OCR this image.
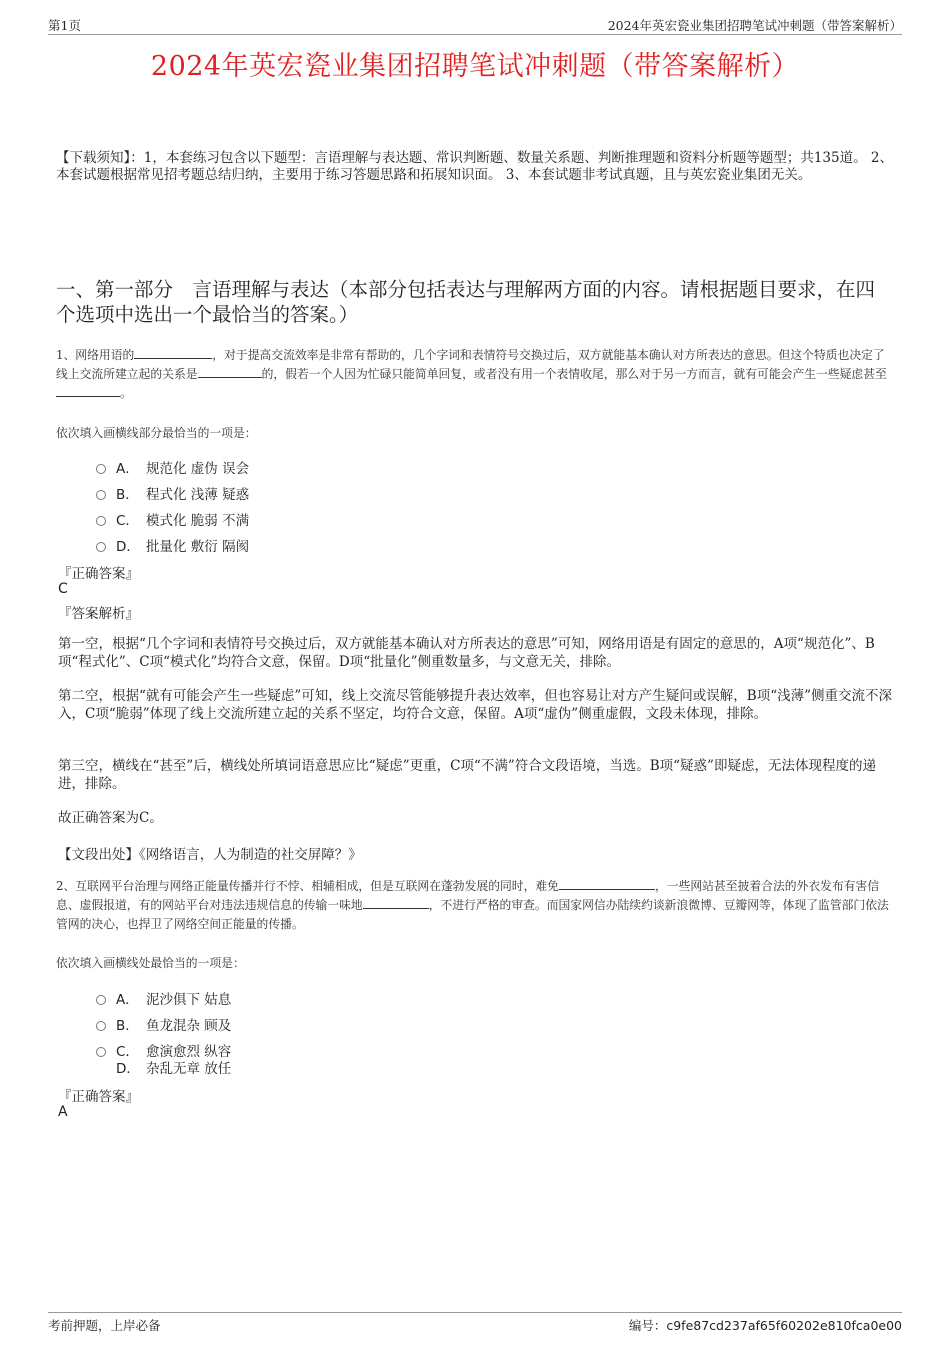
第1页	2024年英宏瓷业集团招聘笔试冲刺题（带答案解析）
2024年英宏瓷业集团招聘笔试冲刺题（带答案解析）
【下载须知】：1，本套练习包含以下题型：言语理解与表达题、常识判断题、数量关系题、判断推理题和资料分析题等题型；共135道。 2、本套试题根据常见招考题总结归纳，主要用于练习答题思路和拓展知识面。 3、本套试题非考试真题，且与英宏瓷业集团无关。
一、第一部分　言语理解与表达（本部分包括表达与理解两方面的内容。请根据题目要求，在四个选项中选出一个最恰当的答案。）
1、网络用语的	，对于提高交流效率是非常有帮助的，几个字词和表情符号交换过后，双方就能基本确认对方所表达的意思。但这个特质也决定了线上交流所建立起的关系是	的，假若一个人因为忙碌只能简单回复，或者没有用一个表情收尾，那么对于另一方而言，就有可能会产生一些疑虑甚至。
依次填入画横线部分最恰当的一项是：
A． 规范化 虚伪 误会
B． 程式化 浅薄 疑惑
C． 模式化 脆弱 不满
D． 批量化 敷衍 隔阂
『正确答案』
C
『答案解析』
第一空，根据“几个字词和表情符号交换过后，双方就能基本确认对方所表达的意思”可知，网络用语是有固定的意思的，A项“规范化”、B项“程式化”、C项“模式化”均符合文意，保留。D项“批量化”侧重数量多，与文意无关，排除。
第二空，根据“就有可能会产生一些疑虑”可知，线上交流尽管能够提升表达效率，但也容易让对方产生疑问或误解，B项“浅薄”侧重交流不深入，C项“脆弱”体现了线上交流所建立起的关系不坚定，均符合文意，保留。A项“虚伪”侧重虚假，文段未体现，排除。
第三空，横线在“甚至”后，横线处所填词语意思应比“疑虑”更重，C项“不满”符合文段语境，当选。B项“疑惑”即疑虑，无法体现程度的递进，排除。
故正确答案为C。
【文段出处】《网络语言，人为制造的社交屏障？》
2、互联网平台治理与网络正能量传播并行不悖、相辅相成，但是互联网在蓬勃发展的同时，难免	，一些网站甚至披着合法的外衣发布有害信息、虚假报道，有的网站平台对违法违规信息的传输一味地	，不进行严格的审查。而国家网信办陆续约谈新浪微博、豆瓣网等，体现了监管部门依法管网的决心，也捍卫了网络空间正能量的传播。
依次填入画横线处最恰当的一项是：
A． 泥沙俱下 姑息
B． 鱼龙混杂 顾及
C． 愈演愈烈 纵容
D． 杂乱无章 放任
『正确答案』
A
考前押题，上岸必备	编号：c9fe87cd237af65f60202e810fca0e00
